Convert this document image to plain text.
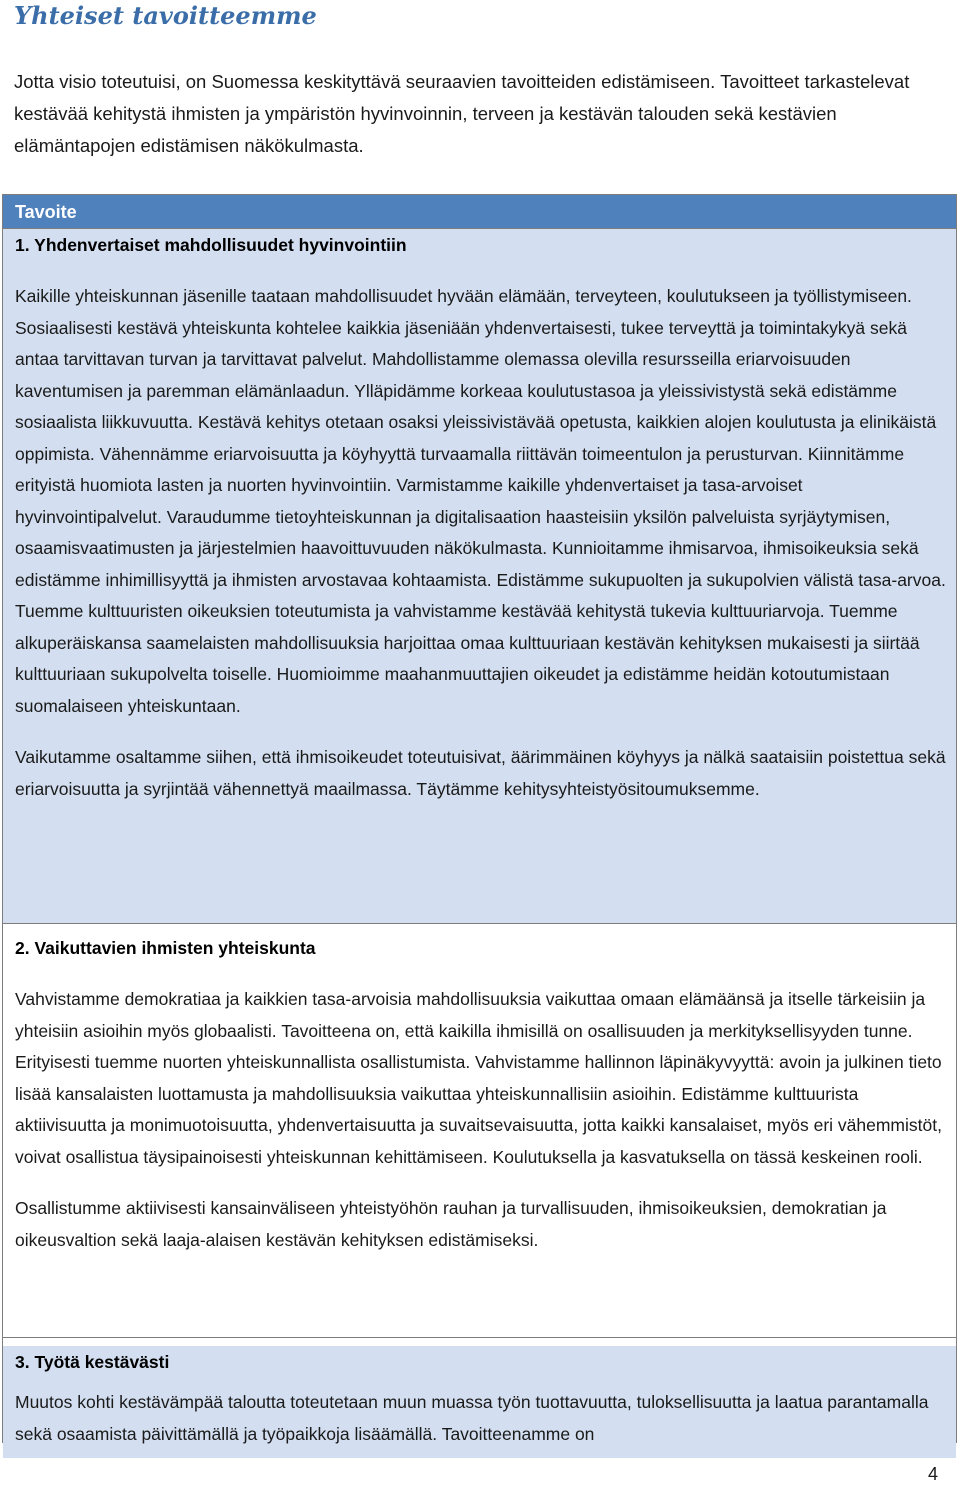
Yhteiset tavoitteemme

Jotta visio toteutuisi, on Suomessa keskityttävä seuraavien tavoitteiden edistämiseen. Tavoitteet tarkastelevat kestävää kehitystä ihmisten ja ympäristön hyvinvoinnin, terveen ja kestävän talouden sekä kestävien elämäntapojen edistämisen näkökulmasta.

Tavoite
1. Yhdenvertaiset mahdollisuudet hyvinvointiin

Kaikille yhteiskunnan jäsenille taataan mahdollisuudet hyvään elämään, terveyteen, koulutukseen ja työllistymiseen. Sosiaalisesti kestävä yhteiskunta kohtelee kaikkia jäseniään yhdenvertaisesti, tukee terveyttä ja toimintakykyä sekä antaa tarvittavan turvan ja tarvittavat palvelut. Mahdollistamme olemassa olevilla resursseilla eriarvoisuuden kaventumisen ja paremman elämänlaadun. Ylläpidämme korkeaa koulutustasoa ja yleissivistystä sekä edistämme sosiaalista liikkuvuutta. Kestävä kehitys otetaan osaksi yleissivistävää opetusta, kaikkien alojen koulutusta ja elinikäistä oppimista. Vähennämme eriarvoisuutta ja köyhyyttä turvaamalla riittävän toimeentulon ja perusturvan. Kiinnitämme erityistä huomiota lasten ja nuorten hyvinvointiin. Varmistamme kaikille yhdenvertaiset ja tasa-arvoiset hyvinvointipalvelut. Varaudumme tietoyhteiskunnan ja digitalisaation haasteisiin yksilön palveluista syrjäytymisen, osaamisvaatimusten ja järjestelmien haavoittuvuuden näkökulmasta. Kunnioitamme ihmisarvoa, ihmisoikeuksia sekä edistämme inhimillisyyttä ja ihmisten arvostavaa kohtaamista. Edistämme sukupuolten ja sukupolvien välistä tasa-arvoa. Tuemme kulttuuristen oikeuksien toteutumista ja vahvistamme kestävää kehitystä tukevia kulttuuriarvoja. Tuemme alkuperäiskansa saamelaisten mahdollisuuksia harjoittaa omaa kulttuuriaan kestävän kehityksen mukaisesti ja siirtää kulttuuriaan sukupolvelta toiselle. Huomioimme maahanmuuttajien oikeudet ja edistämme heidän kotoutumistaan suomalaiseen yhteiskuntaan.

Vaikutamme osaltamme siihen, että ihmisoikeudet toteutuisivat, äärimmäinen köyhyys ja nälkä saataisiin poistettua sekä eriarvoisuutta ja syrjintää vähennettyä maailmassa. Täytämme kehitysyhteistyösitoumuksemme.

2. Vaikuttavien ihmisten yhteiskunta

Vahvistamme demokratiaa ja kaikkien tasa-arvoisia mahdollisuuksia vaikuttaa omaan elämäänsä ja itselle tärkeisiin ja yhteisiin asioihin myös globaalisti. Tavoitteena on, että kaikilla ihmisillä on osallisuuden ja merkityksellisyyden tunne. Erityisesti tuemme nuorten yhteiskunnallista osallistumista. Vahvistamme hallinnon läpinäkyvyyttä: avoin ja julkinen tieto lisää kansalaisten luottamusta ja mahdollisuuksia vaikuttaa yhteiskunnallisiin asioihin. Edistämme kulttuurista aktiivisuutta ja monimuotoisuutta, yhdenvertaisuutta ja suvaitsevaisuutta, jotta kaikki kansalaiset, myös eri vähemmistöt, voivat osallistua täysipainoisesti yhteiskunnan kehittämiseen. Koulutuksella ja kasvatuksella on tässä keskeinen rooli.

Osallistumme aktiivisesti kansainväliseen yhteistyöhön rauhan ja turvallisuuden, ihmisoikeuksien, demokratian ja oikeusvaltion sekä laaja-alaisen kestävän kehityksen edistämiseksi.

3. Työtä kestävästi

Muutos kohti kestävämpää taloutta toteutetaan muun muassa työn tuottavuutta, tuloksellisuutta ja laatua parantamalla sekä osaamista päivittämällä ja työpaikkoja lisäämällä. Tavoitteenamme on

4
